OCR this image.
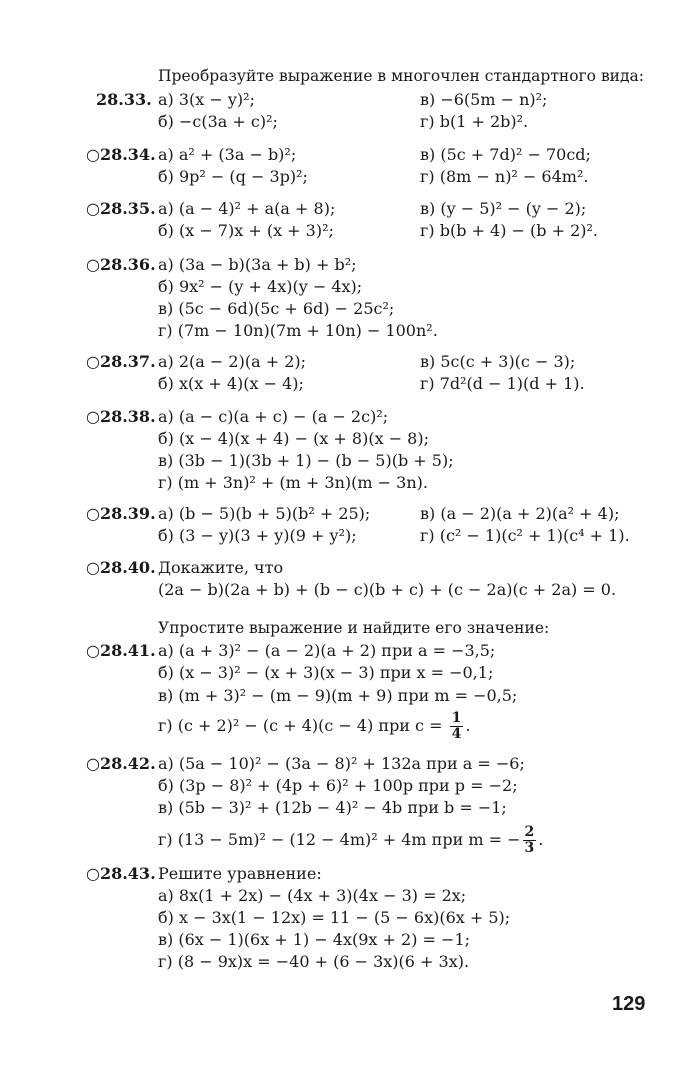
Преобразуйте выражение в многочлен стандартного вида:
28.33. а) 3(x − y)²;	в) −6(5m − n)²;
б) −c(3a + c)²;	г) b(1 + 2b)².
○28.34. а) a² + (3a − b)²;	в) (5c + 7d)² − 70cd;
б) 9p² − (q − 3p)²;	г) (8m − n)² − 64m².
○28.35. а) (a − 4)² + a(a + 8);	в) (y − 5)² − (y − 2);
б) (x − 7)x + (x + 3)²;	г) b(b + 4) − (b + 2)².
○28.36. а) (3a − b)(3a + b) + b²;
б) 9x² − (y + 4x)(y − 4x);
в) (5c − 6d)(5c + 6d) − 25c²;
г) (7m − 10n)(7m + 10n) − 100n².
○28.37. а) 2(a − 2)(a + 2);	в) 5c(c + 3)(c − 3);
б) x(x + 4)(x − 4);	г) 7d²(d − 1)(d + 1).
○28.38. а) (a − c)(a + c) − (a − 2c)²;
б) (x − 4)(x + 4) − (x + 8)(x − 8);
в) (3b − 1)(3b + 1) − (b − 5)(b + 5);
г) (m + 3n)² + (m + 3n)(m − 3n).
○28.39. а) (b − 5)(b + 5)(b² + 25);	в) (a − 2)(a + 2)(a² + 4);
б) (3 − y)(3 + y)(9 + y²);	г) (c² − 1)(c² + 1)(c⁴ + 1).
○28.40. Докажите, что
(2a − b)(2a + b) + (b − c)(b + c) + (c − 2a)(c + 2a) = 0.
Упростите выражение и найдите его значение:
○28.41. а) (a + 3)² − (a − 2)(a + 2) при a = −3,5;
б) (x − 3)² − (x + 3)(x − 3) при x = −0,1;
в) (m + 3)² − (m − 9)(m + 9) при m = −0,5;
г) (c + 2)² − (c + 4)(c − 4) при $c = \frac{1}{4}$ .
○28.42. а) (5a − 10)² − (3a − 8)² + 132a при a = −6;
б) (3p − 8)² + (4p + 6)² + 100p при p = −2;
в) (5b − 3)² + (12b − 4)² − 4b при b = −1;
г) (13 − 5m)² − (12 − 4m)² + 4m при m = − $\frac{2}{3}$ .
○28.43. Решите уравнение:
а) 8x(1 + 2x) − (4x + 3)(4x − 3) = 2x;
б) x − 3x(1 − 12x) = 11 − (5 − 6x)(6x + 5);
в) (6x − 1)(6x + 1) − 4x(9x + 2) = −1;
г) (8 − 9x)x = −40 + (6 − 3x)(6 + 3x).
129
